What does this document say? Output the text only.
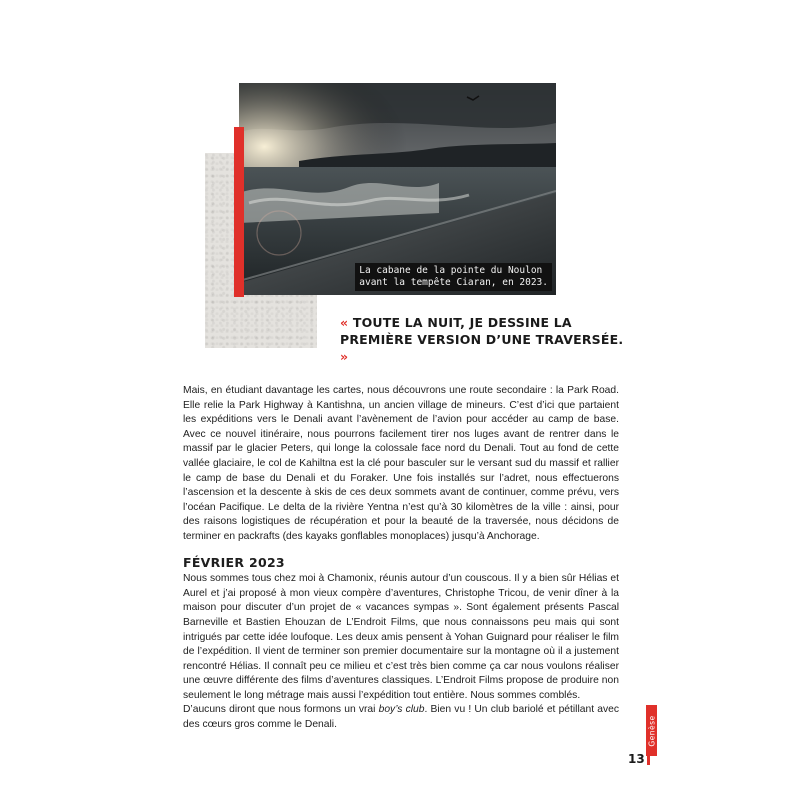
La cabane de la pointe du Noulon
avant la tempête Ciaran, en 2023.

« TOUTE LA NUIT, JE DESSINE LA PREMIÈRE VERSION D’UNE TRAVERSÉE. »

Mais, en étudiant davantage les cartes, nous découvrons une route secondaire : la Park Road. Elle relie la Park Highway à Kantishna, un ancien village de mineurs. C’est d’ici que partaient les expéditions vers le Denali avant l’avènement de l’avion pour accéder au camp de base. Avec ce nouvel itinéraire, nous pourrons facilement tirer nos luges avant de rentrer dans le massif par le glacier Peters, qui longe la colossale face nord du Denali. Tout au fond de cette vallée glaciaire, le col de Kahiltna est la clé pour basculer sur le versant sud du massif et rallier le camp de base du Denali et du Foraker. Une fois installés sur l’adret, nous effectuerons l’ascension et la descente à skis de ces deux sommets avant de continuer, comme prévu, vers l’océan Pacifique. Le delta de la rivière Yentna n’est qu’à 30 kilomètres de la ville : ainsi, pour des raisons logistiques de récupération et pour la beauté de la traversée, nous décidons de terminer en packrafts (des kayaks gonflables monoplaces) jusqu’à Anchorage.

FÉVRIER 2023

Nous sommes tous chez moi à Chamonix, réunis autour d’un couscous. Il y a bien sûr Hélias et Aurel et j’ai proposé à mon vieux compère d’aventures, Christophe Tricou, de venir dîner à la maison pour discuter d’un projet de « vacances sympas ». Sont également présents Pascal Barneville et Bastien Ehouzan de L’Endroit Films, que nous connaissons peu mais qui sont intrigués par cette idée loufoque. Les deux amis pensent à Yohan Guignard pour réaliser le film de l’expédition. Il vient de terminer son premier documentaire sur la montagne où il a justement rencontré Hélias. Il connaît peu ce milieu et c’est très bien comme ça car nous voulons réaliser une œuvre différente des films d’aventures classiques. L’Endroit Films propose de produire non seulement le long métrage mais aussi l’expédition tout entière. Nous sommes comblés.

D’aucuns diront que nous formons un vrai boy’s club. Bien vu ! Un club bariolé et pétillant avec des cœurs gros comme le Denali.	Genèse
13
